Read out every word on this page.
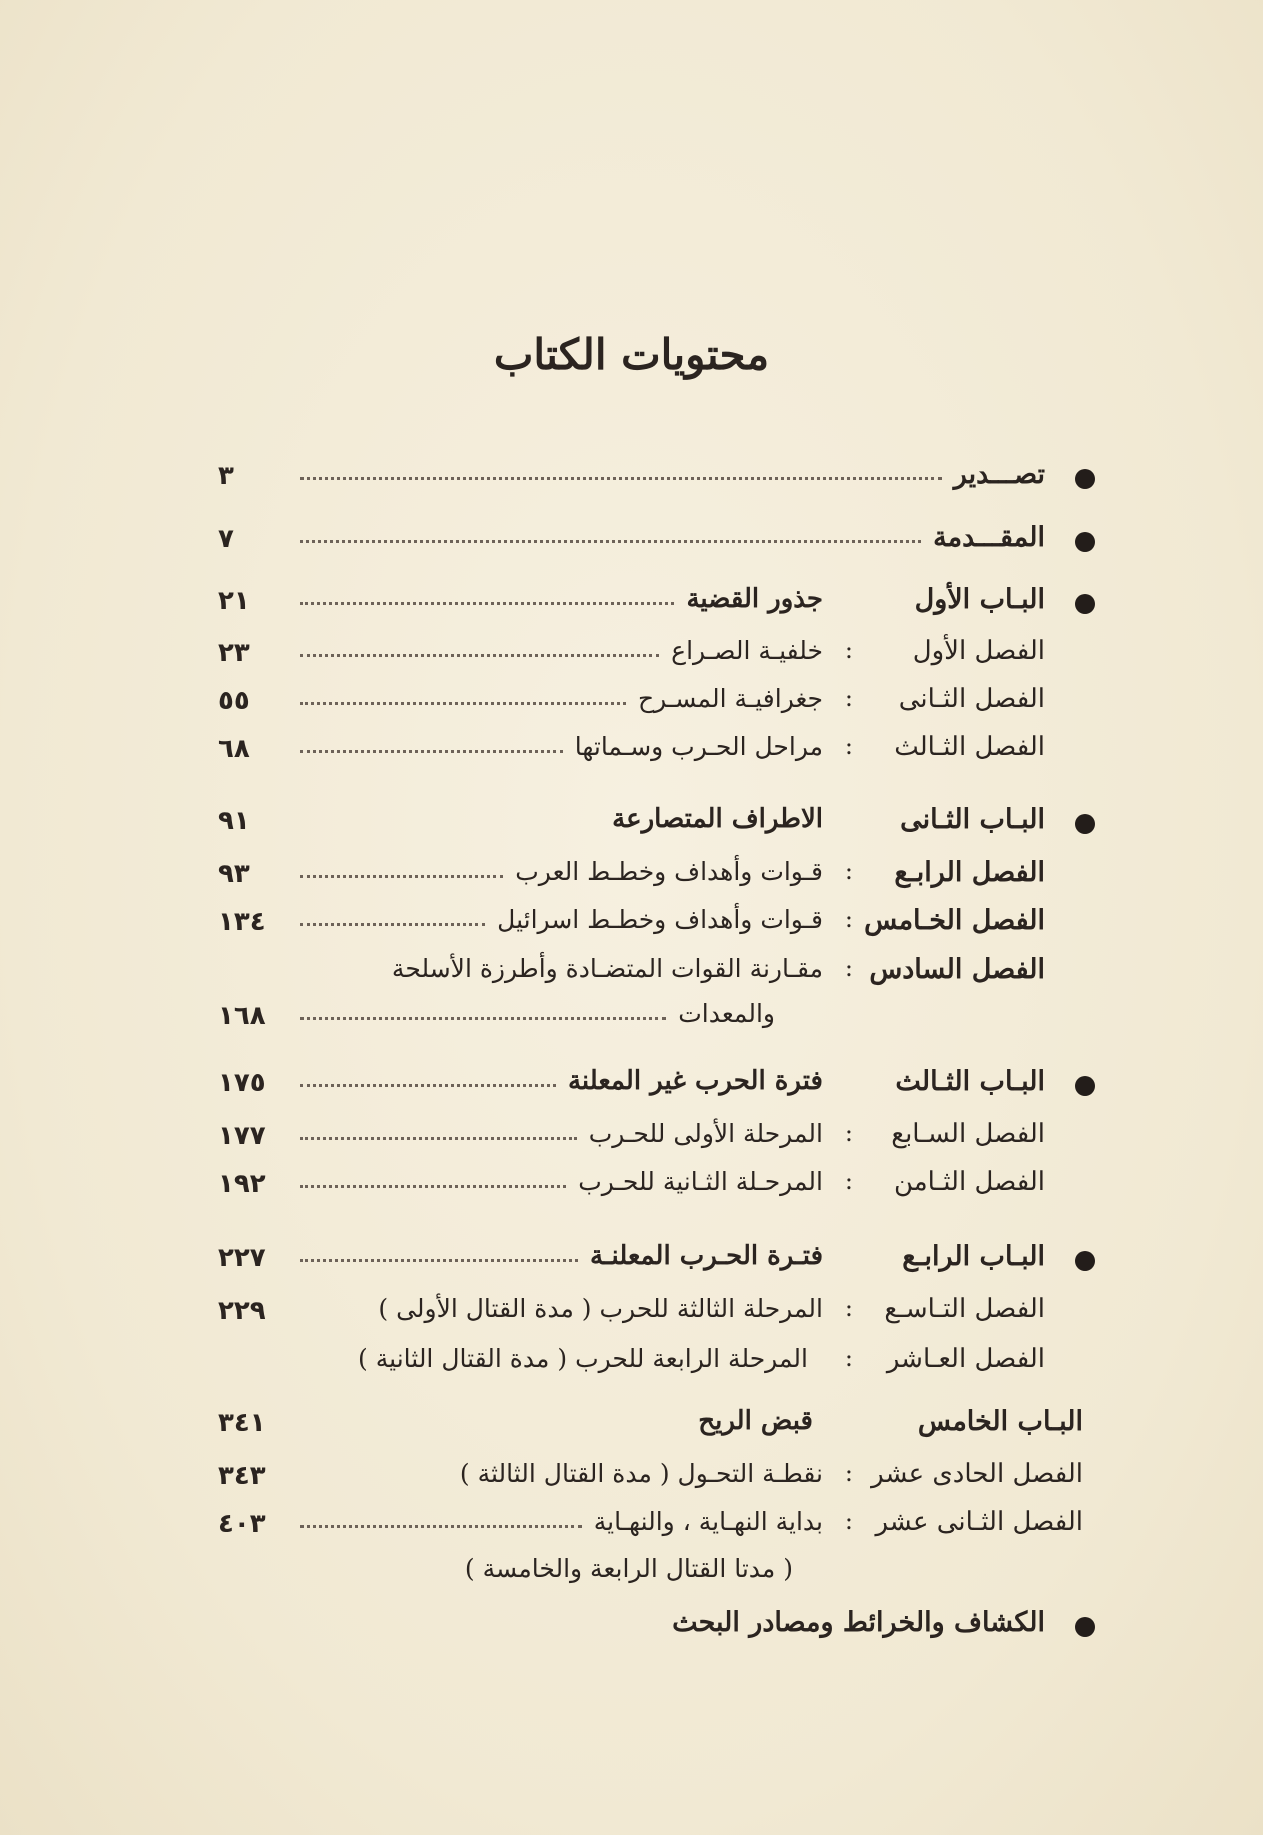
محتويات الكتاب
تصـــدير
٣
المقـــدمة
٧
البـاب الأول
جذور القضية
٢١
الفصل الأول
:
خلفيـة الصـراع
٢٣
الفصل الثـانى
:
جغرافيـة المسـرح
٥٥
الفصل الثـالث
:
مراحل الحـرب وسـماتها
٦٨
البـاب الثـانى
الاطراف المتصارعة
٩١
الفصل الرابـع
:
قـوات وأهداف وخطـط العرب
٩٣
الفصل الخـامس
:
قـوات وأهداف وخطـط اسرائيل
١٣٤
الفصل السادس
:
مقـارنة القوات المتضـادة وأطرزة الأسلحة
والمعدات
١٦٨
البـاب الثـالث
فترة الحرب غير المعلنة
١٧٥
الفصل السـابع
:
المرحلة الأولى للحـرب
١٧٧
الفصل الثـامن
:
المرحـلة الثـانية للحـرب
١٩٢
البـاب الرابـع
فتـرة الحـرب المعلنـة
٢٢٧
الفصل التـاسـع
:
المرحلة الثالثة للحرب ( مدة القتال الأولى )
٢٢٩
الفصل العـاشر
:
المرحلة الرابعة للحرب ( مدة القتال الثانية )
البـاب الخامس
قبض الريح
٣٤١
الفصل الحادى عشر
:
نقطـة التحـول ( مدة القتال الثالثة )
٣٤٣
الفصل الثـانى عشر
:
بداية النهـاية ، والنهـاية
٤٠٣
( مدتا القتال الرابعة والخامسة )
الكشاف والخرائط ومصادر البحث
